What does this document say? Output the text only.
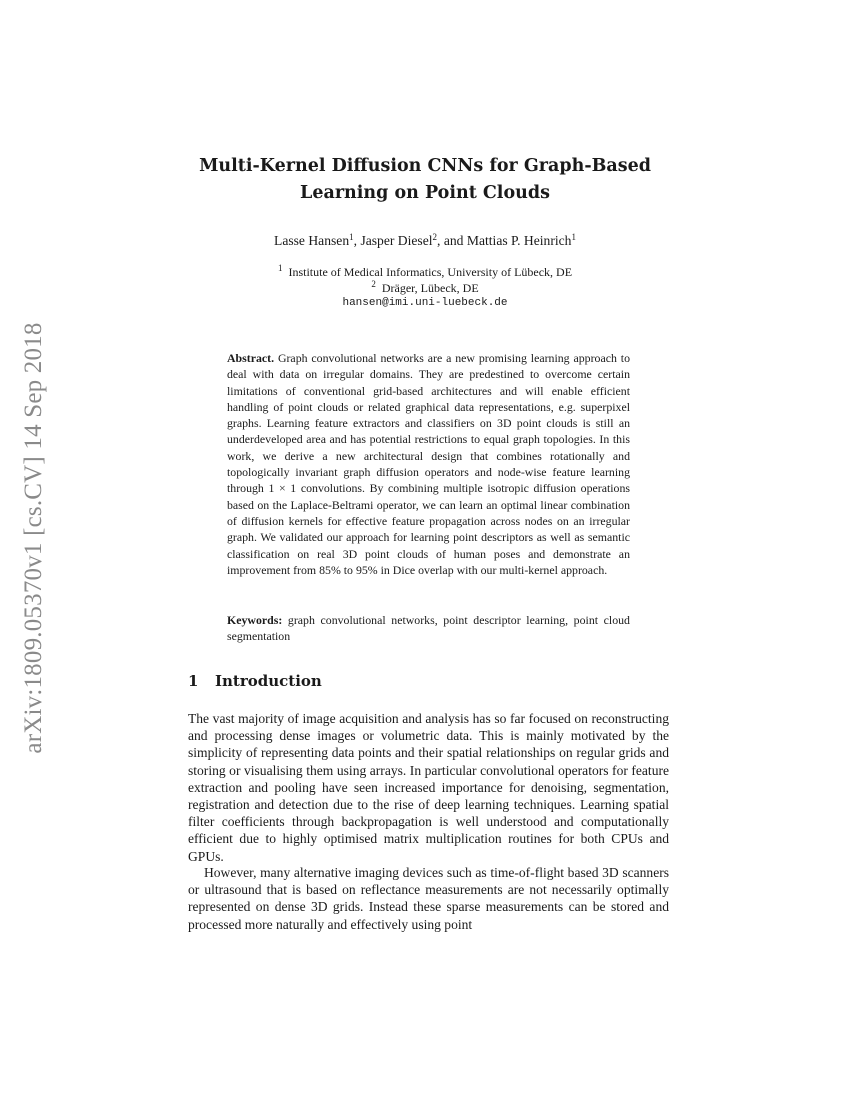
arXiv:1809.05370v1 [cs.CV] 14 Sep 2018
Multi-Kernel Diffusion CNNs for Graph-Based
Learning on Point Clouds

Lasse Hansen$^1$, Jasper Diesel$^2$, and Mattias P. Heinrich$^1$

$^1$ Institute of Medical Informatics, University of Lübeck, DE

$^2$ Dräger, Lübeck, DE

hansen@imi.uni-luebeck.de

Abstract. Graph convolutional networks are a new promising learning approach to deal with data on irregular domains. They are predestined to overcome certain limitations of conventional grid-based architectures and will enable efficient handling of point clouds or related graphical data representations, e.g. superpixel graphs. Learning feature extractors and classifiers on 3D point clouds is still an underdeveloped area and has potential restrictions to equal graph topologies. In this work, we derive a new architectural design that combines rotationally and topologically invariant graph diffusion operators and node-wise feature learning through 1 × 1 convolutions. By combining multiple isotropic diffusion operations based on the Laplace-Beltrami operator, we can learn an optimal linear combination of diffusion kernels for effective feature propagation across nodes on an irregular graph. We validated our approach for learning point descriptors as well as semantic classification on real 3D point clouds of human poses and demonstrate an improvement from 85% to 95% in Dice overlap with our multi-kernel approach.

Keywords: graph convolutional networks, point descriptor learning, point cloud segmentation

1 Introduction

The vast majority of image acquisition and analysis has so far focused on reconstructing and processing dense images or volumetric data. This is mainly motivated by the simplicity of representing data points and their spatial relationships on regular grids and storing or visualising them using arrays. In particular convolutional operators for feature extraction and pooling have seen increased importance for denoising, segmentation, registration and detection due to the rise of deep learning techniques. Learning spatial filter coefficients through backpropagation is well understood and computationally efficient due to highly optimised matrix multiplication routines for both CPUs and GPUs.

However, many alternative imaging devices such as time-of-flight based 3D scanners or ultrasound that is based on reflectance measurements are not necessarily optimally represented on dense 3D grids. Instead these sparse measurements can be stored and processed more naturally and effectively using point
